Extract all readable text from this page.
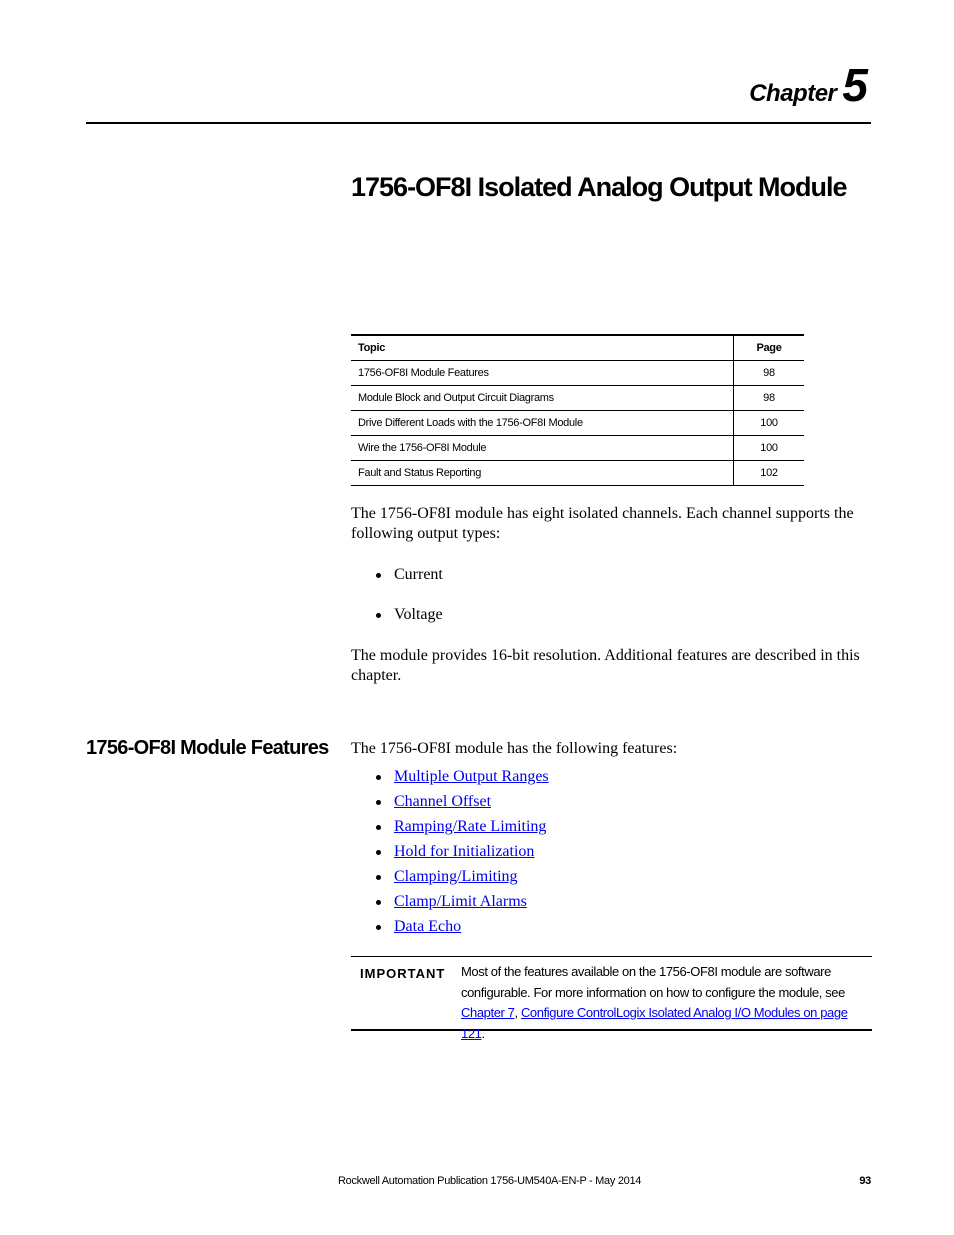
Chapter 5
1756-OF8I Isolated Analog Output Module
Topic	Page
1756-OF8I Module Features	98
Module Block and Output Circuit Diagrams	98
Drive Different Loads with the 1756-OF8I Module	100
Wire the 1756-OF8I Module	100
Fault and Status Reporting	102

The 1756-OF8I module has eight isolated channels. Each channel supports the following output types:

Current
Voltage

The module provides 16-bit resolution. Additional features are described in this chapter.

1756-OF8I Module Features The 1756-OF8I module has the following features:

Multiple Output Ranges
Channel Offset
Ramping/Rate Limiting
Hold for Initialization
Clamping/Limiting
Clamp/Limit Alarms
Data Echo
IMPORTANT Most of the features available on the 1756-OF8I module are software configurable. For more information on how to configure the module, see
Chapter 7, Configure ControlLogix Isolated Analog I/O Modules on page 121.
Rockwell Automation Publication 1756-UM540A-EN-P - May 2014	93
